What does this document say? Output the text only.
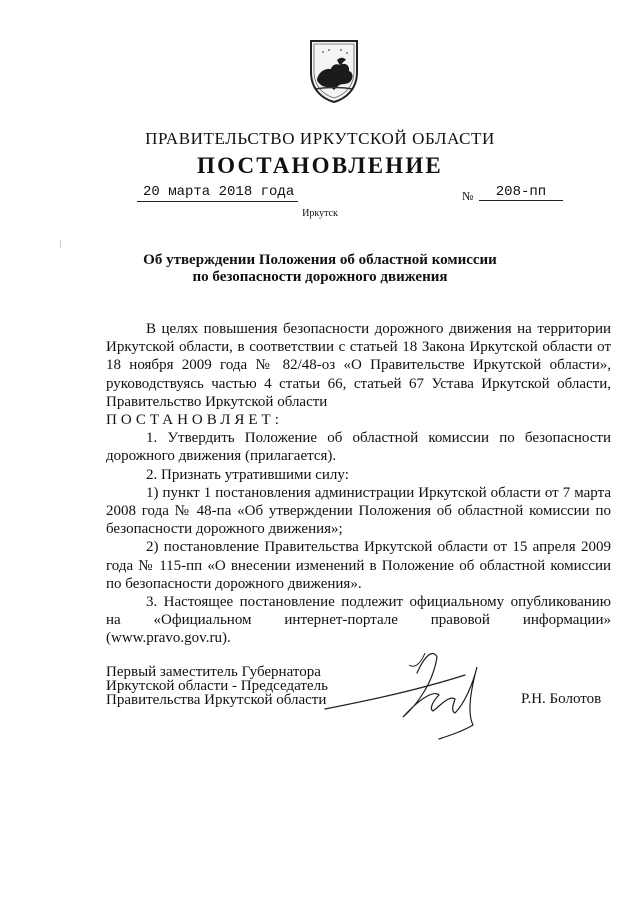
ПРАВИТЕЛЬСТВО ИРКУТСКОЙ ОБЛАСТИ
ПОСТАНОВЛЕНИЕ
20 марта 2018 года	№	208-пп
Иркутск
Об утверждении Положения об областной комиссии
по безопасности дорожного движения

В целях повышения безопасности дорожного движения на территории Иркутской области, в соответствии с статьей 18 Закона Иркутской области от 18 ноября 2009 года № 82/48-оз «О Правительстве Иркутской области», руководствуясь частью 4 статьи 66, статьей 67 Устава Иркутской области, Правительство Иркутской области

ПОСТАНОВЛЯЕТ:

1. Утвердить Положение об областной комиссии по безопасности дорожного движения (прилагается).

2. Признать утратившими силу:

1) пункт 1 постановления администрации Иркутской области от 7 марта 2008 года № 48-па «Об утверждении Положения об областной комиссии по безопасности дорожного движения»;

2) постановление Правительства Иркутской области от 15 апреля 2009 года № 115-пп «О внесении изменений в Положение об областной комиссии по безопасности дорожного движения».

3. Настоящее постановление подлежит официальному опубликованию на «Официальном интернет-портале правовой информации» (www.pravo.gov.ru).

Первый заместитель Губернатора
Иркутской области - Председатель
Правительства Иркутской области	Р.Н. Болотов
